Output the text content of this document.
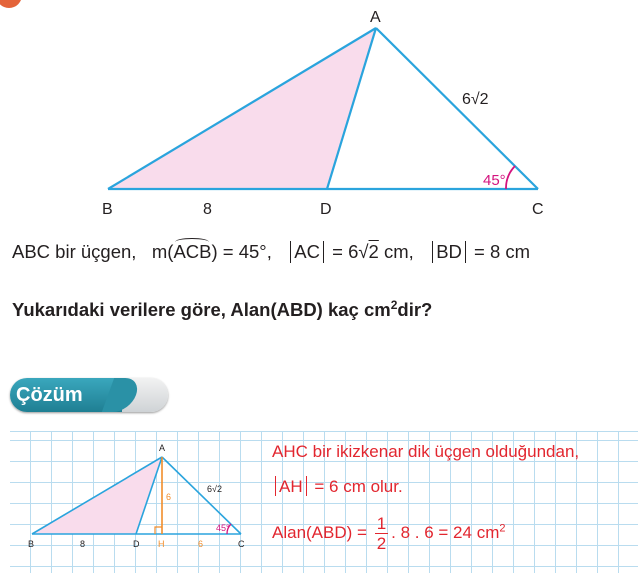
A
B	C
D
8
6√2
45°
ABC bir üçgen, m(ACB) = 45°, AC = 6√2 cm, BD = 8 cm
Yukarıdaki verilere göre, Alan(ABD) kaç $cm^2dir$?
Çözüm
A
B	C
D H
8	6
6
6√2
45°
AHC bir ikizkenar dik üçgen olduğundan,
AH = 6 cm olur.
Alan(ABD) = $\frac{1}{2}$ . 8 . 6 = 24 $cm^2$
